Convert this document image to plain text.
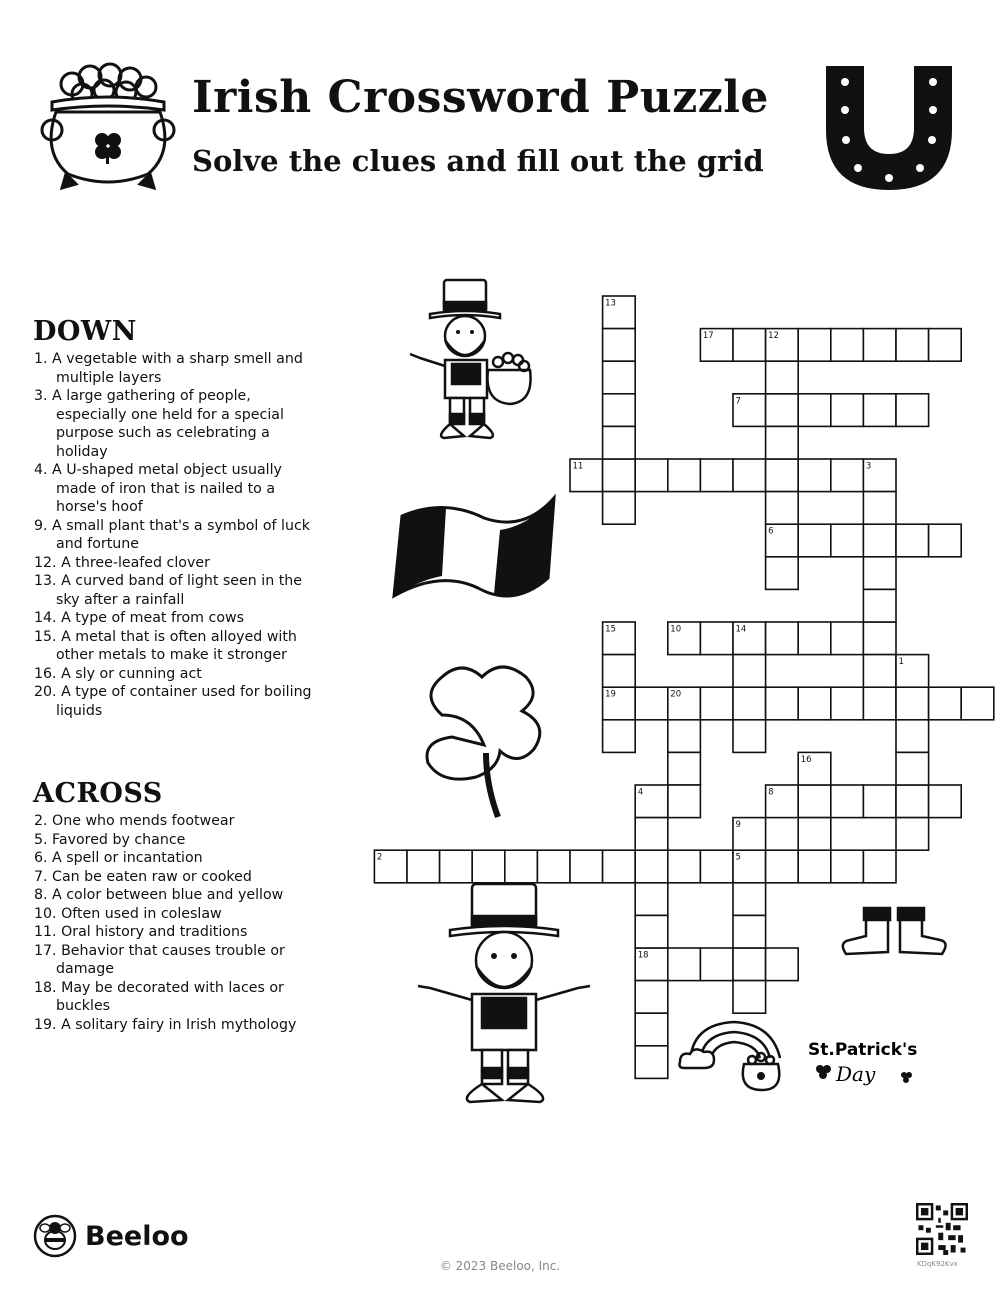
Irish Crossword Puzzle
Solve the clues and fill out the grid
DOWN
1. A vegetable with a sharp smell and multiple layers
3. A large gathering of people, especially one held for a special purpose such as celebrating a holiday
4. A U-shaped metal object usually made of iron that is nailed to a horse's hoof
9. A small plant that's a symbol of luck and fortune
12. A three-leafed clover
13. A curved band of light seen in the sky after a rainfall
14. A type of meat from cows
15. A metal that is often alloyed with other metals to make it stronger
16. A sly or cunning act
20. A type of container used for boiling liquids
ACROSS
2. One who mends footwear
5. Favored by chance
6. A spell or incantation
7. Can be eaten raw or cooked
8. A color between blue and yellow
10. Often used in coleslaw
11. Oral history and traditions
17. Behavior that causes trouble or damage
18. May be decorated with laces or buckles
19. A solitary fairy in Irish mythology
St.Patrick's
Day
17
7
11
6
10
19
8
2	5
18
13
12
3
15	14
1
20
16
4
9
Beeloo
© 2023 Beeloo, Inc.	KDqK92Kvx
